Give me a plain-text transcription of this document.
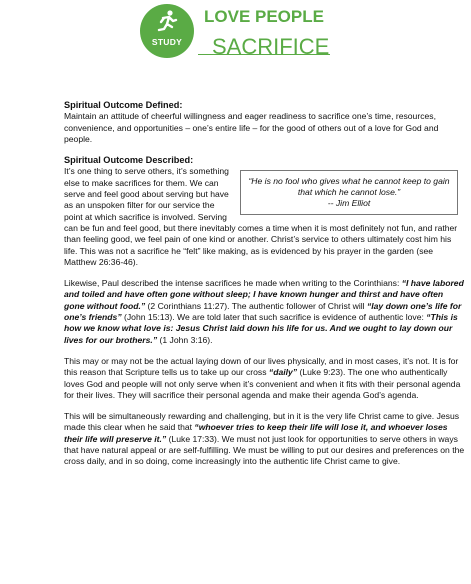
STUDY
LOVE PEOPLE
SACRIFICE
Spiritual Outcome Defined:

Maintain an attitude of cheerful willingness and eager readiness to sacrifice one’s time, resources, convenience, and opportunities – one’s entire life – for the good of others out of a love for God and people.

Spiritual Outcome Described:
“He is no fool who gives what he cannot keep to gain that which he cannot lose.”
-- Jim Elliot

It’s one thing to serve others, it’s something else to make sacrifices for them. We can serve and feel good about serving but have as an unspoken filter for our service the point at which sacrifice is involved. Serving can be fun and feel good, but there inevitably comes a time when it is most definitely not fun, and rather than feeling good, we feel pain of one kind or another. Christ’s service to others ultimately cost him his life. This was not a sacrifice he “felt” like making, as is evidenced by his prayer in the garden (see Matthew 26:36-46).

Likewise, Paul described the intense sacrifices he made when writing to the Corinthians: “I have labored and toiled and have often gone without sleep; I have known hunger and thirst and have often gone without food.” (2 Corinthians 11:27). The authentic follower of Christ will “lay down one’s life for one’s friends” (John 15:13). We are told later that such sacrifice is evidence of authentic love: “This is how we know what love is: Jesus Christ laid down his life for us. And we ought to lay down our lives for our brothers.” (1 John 3:16).

This may or may not be the actual laying down of our lives physically, and in most cases, it’s not. It is for this reason that Scripture tells us to take up our cross “daily” (Luke 9:23). The one who authentically loves God and people will not only serve when it’s convenient and when it fits with their personal agenda for their lives. They will sacrifice their personal agenda and make their agenda God’s agenda.

This will be simultaneously rewarding and challenging, but in it is the very life Christ came to give. Jesus made this clear when he said that “whoever tries to keep their life will lose it, and whoever loses their life will preserve it.” (Luke 17:33). We must not just look for opportunities to serve others in ways that have natural appeal or are self-fulfilling. We must be willing to put our desires and preferences on the cross daily, and in so doing, come increasingly into the authentic life Christ came to give.
